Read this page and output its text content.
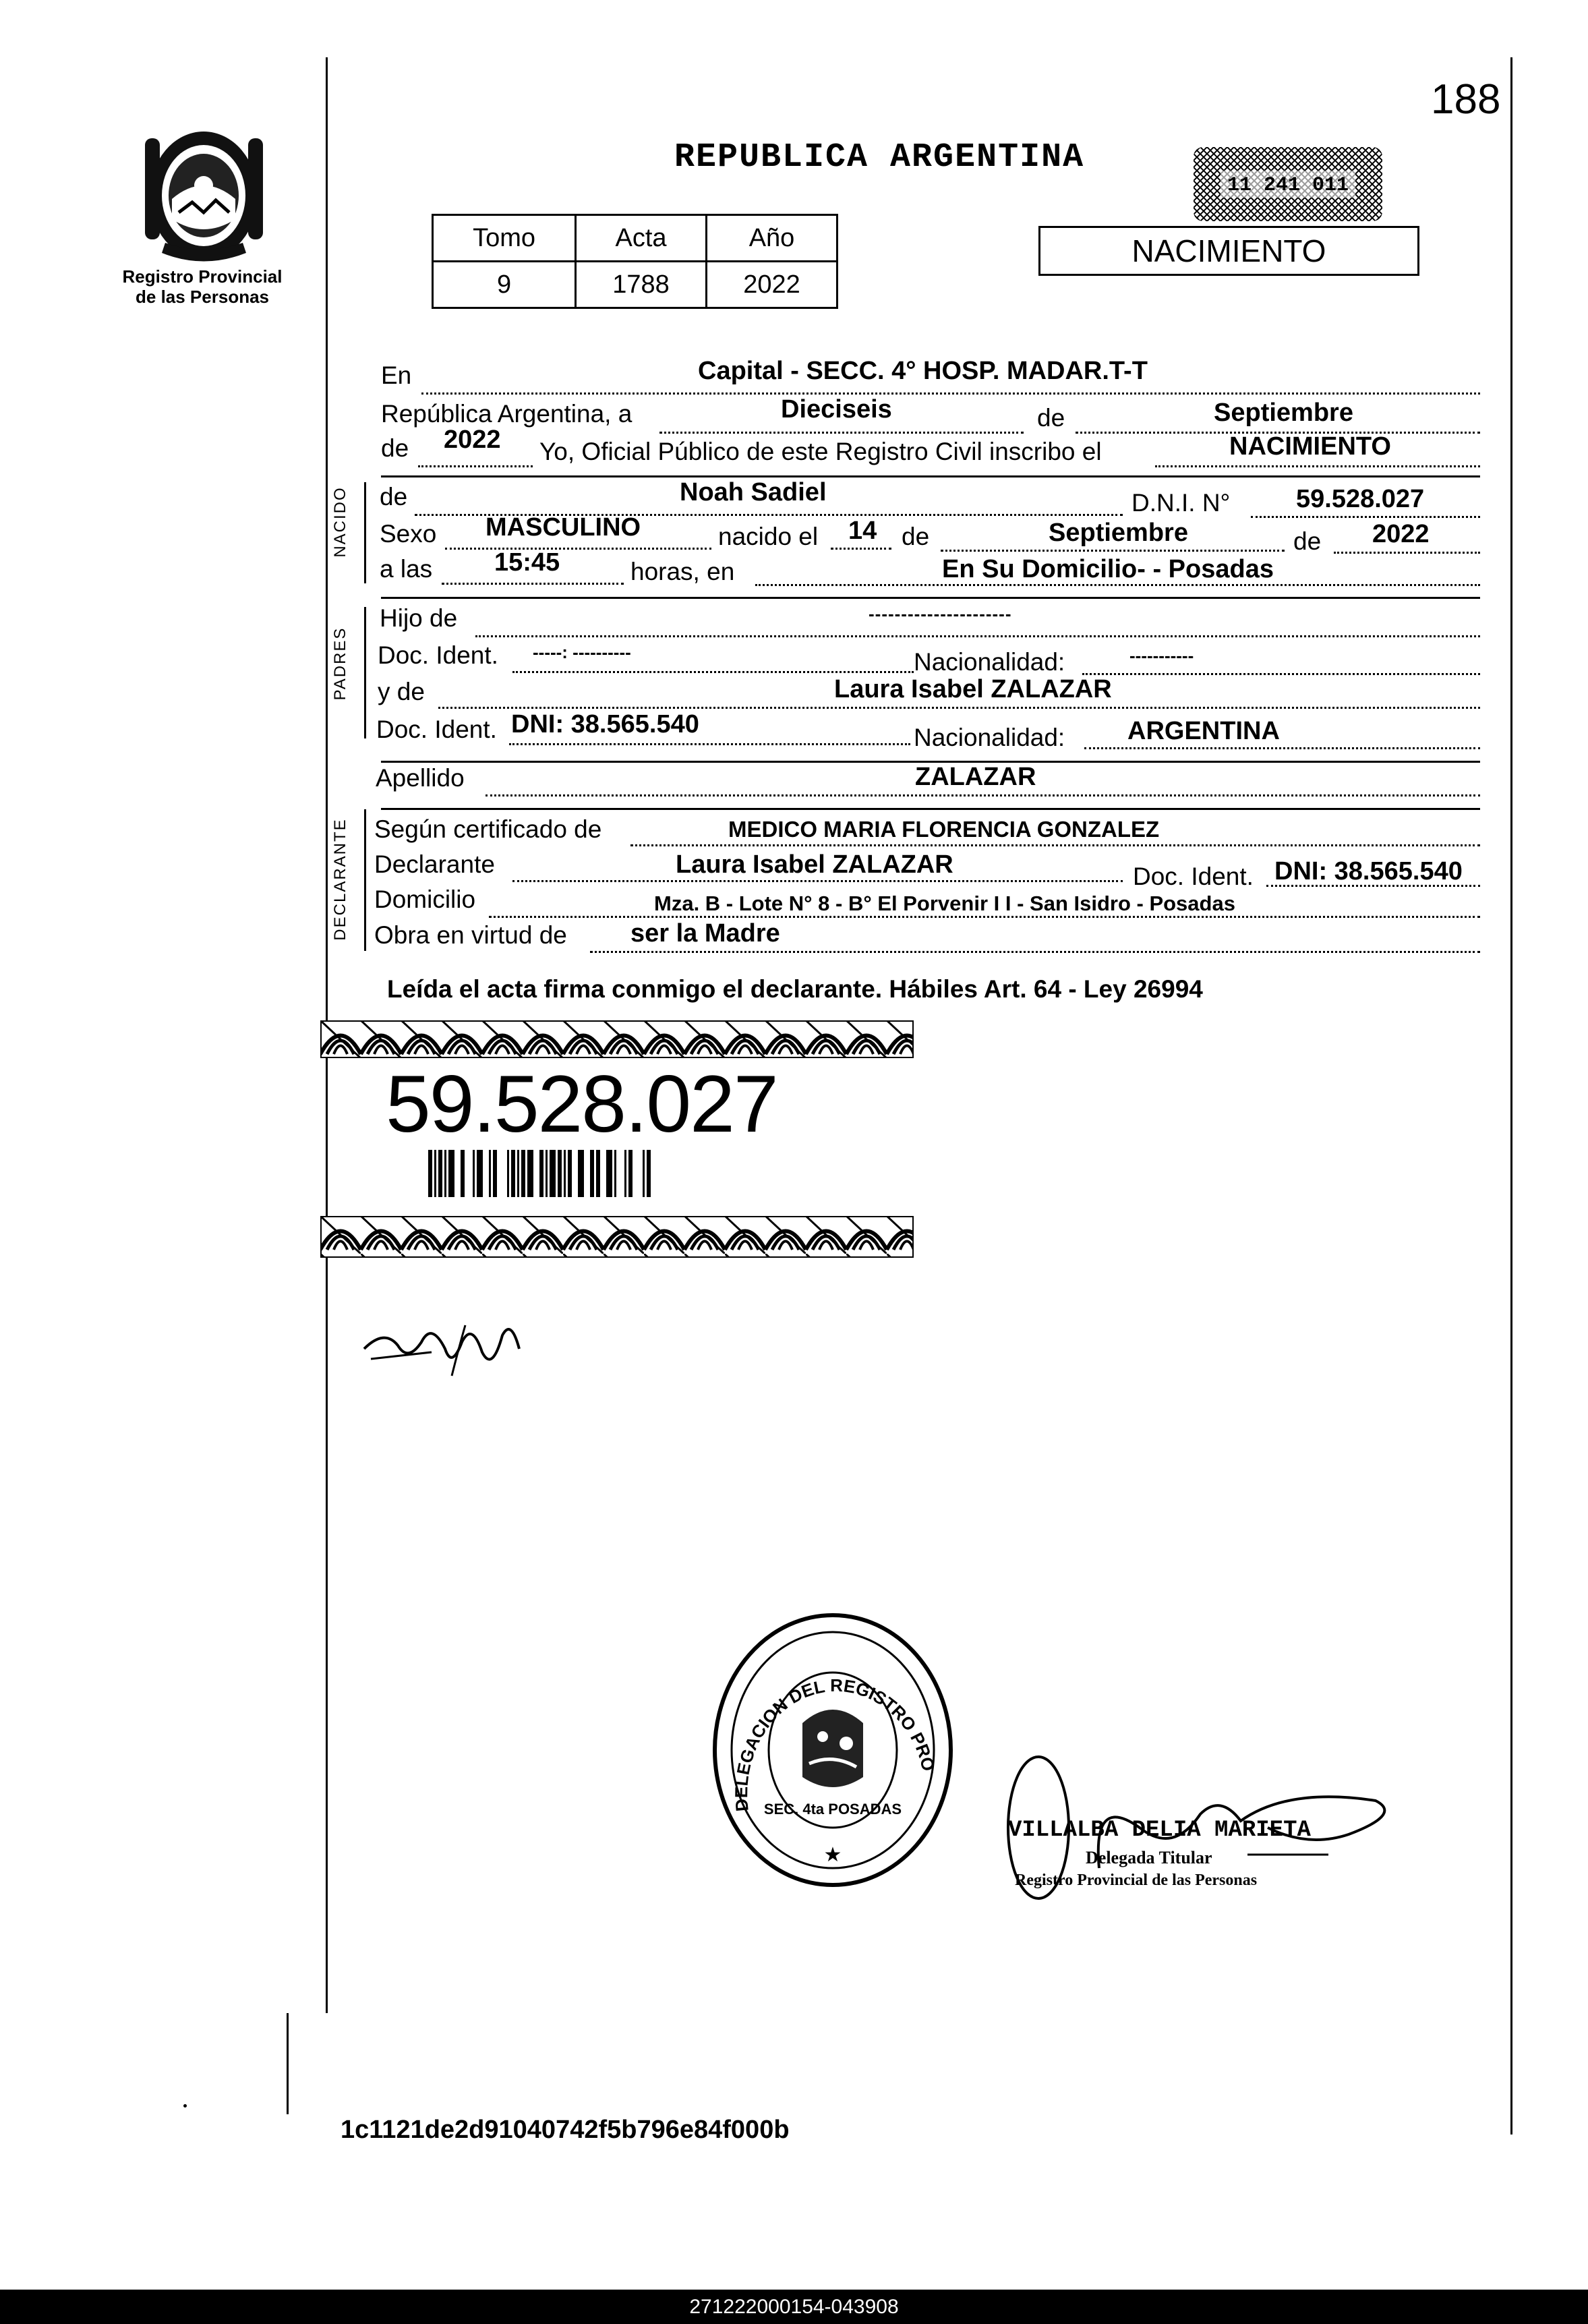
188
Registro Provincial de las Personas
REPUBLICA ARGENTINA
11 241 011
NACIMIENTO
Tomo	Acta	Año
9	1788	2022
NACIDO
PADRES
DECLARANTE
En	Capital - SECC. 4° HOSP. MADAR.T-T
República Argentina, a	Dieciseis	de	Septiembre
de 2022 Yo, Oficial Público de este Registro Civil inscribo el	NACIMIENTO
de	Noah Sadiel	D.N.I. N°	59.528.027
Sexo MASCULINO	nacido el 14 de	Septiembre	de 2022
a las 15:45	horas, en	En Su Domicilio- - Posadas
Hijo de	----------------------
Doc. Ident. -----: ----------	Nacionalidad:	-----------
y de	Laura Isabel ZALAZAR
Doc. Ident. DNI: 38.565.540	Nacionalidad: ARGENTINA
Apellido	ZALAZAR
Según certificado de	MEDICO MARIA FLORENCIA GONZALEZ
Declarante	Laura Isabel ZALAZAR	Doc. Ident. DNI: 38.565.540
Domicilio	Mza. B - Lote N° 8 - B° El Porvenir I I - San Isidro - Posadas
Obra en virtud de ser la Madre
Leída el acta firma conmigo el declarante. Hábiles Art. 64 - Ley 26994
59.528.027
DELEGACION DEL REGISTRO PRO
SEC. 4ta POSADAS
★
VILLALBA DELIA MARIETA
Delegada Titular
Registro Provincial de las Personas
1c1121de2d91040742f5b796e84f000b
271222000154-043908
